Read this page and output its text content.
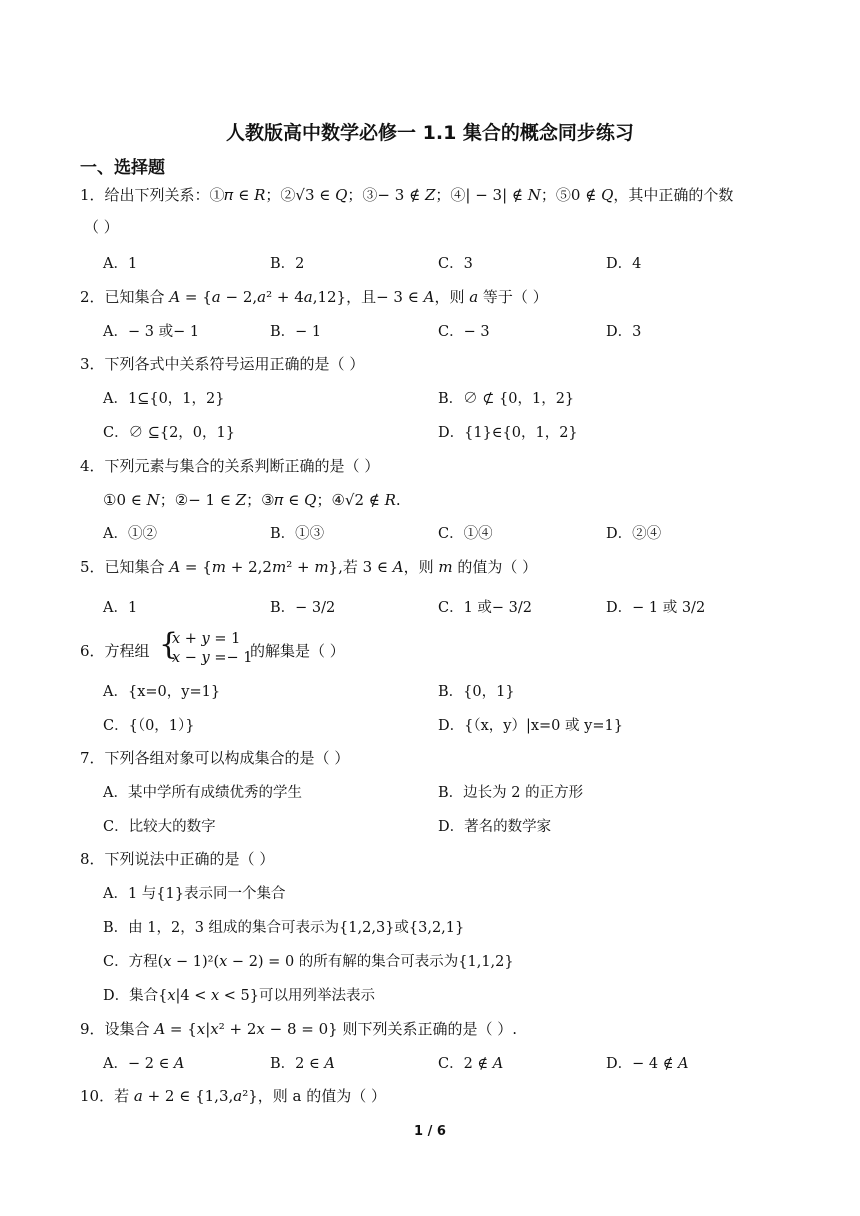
人教版高中数学必修一 1.1 集合的概念同步练习
一、选择题
1．给出下列关系：①𝜋 ∈ 𝑅；②√3 ∈ 𝑄；③− 3 ∉ 𝑍；④| − 3| ∉ 𝑁；⑤0 ∉ 𝑄，其中正确的个数
（ ）
A．1	B．2	C．3	D．4
2．已知集合 𝐴 = {𝑎 − 2,𝑎² + 4𝑎,12}，且− 3 ∈ 𝐴，则 𝑎 等于（ ）
A．− 3 或− 1	B．− 1	C．− 3	D．3
3．下列各式中关系符号运用正确的是（ ）
A．1⊆{0，1，2}	B．∅ ⊄ {0，1，2}
C．∅ ⊆{2，0，1}	D．{1}∈{0，1，2}
4．下列元素与集合的关系判断正确的是（ ）
①0 ∈ 𝑁；②− 1 ∈ 𝑍；③𝜋 ∈ 𝑄；④√2 ∉ 𝑅.
A．①②	B．①③	C．①④	D．②④
5．已知集合 𝐴 = {𝑚 + 2,2𝑚² + 𝑚},若 3 ∈ 𝐴，则 𝑚 的值为（ ）
A．1	B．− 3/2	C．1 或− 3/2	D．− 1 或 3/2
6．方程组 {
𝑥 + 𝑦 = 1
𝑥 − 𝑦 =− 1
的解集是（ ）
A．{x=0，y=1}	B．{0，1}
C．{（0，1）}	D．{（x，y）|x=0 或 y=1}
7．下列各组对象可以构成集合的是（ ）
A．某中学所有成绩优秀的学生	B．边长为 2 的正方形
C．比较大的数字	D．著名的数学家
8．下列说法中正确的是（ ）
A．1 与{1}表示同一个集合
B．由 1，2，3 组成的集合可表示为{1,2,3}或{3,2,1}
C．方程(𝑥 − 1)²(𝑥 − 2) = 0 的所有解的集合可表示为{1,1,2}
D．集合{𝑥|4 < 𝑥 < 5}可以用列举法表示
9．设集合 𝐴 = {𝑥|𝑥² + 2𝑥 − 8 = 0} 则下列关系正确的是（ ）.
A．− 2 ∈ 𝐴	B．2 ∈ 𝐴	C．2 ∉ 𝐴	D．− 4 ∉ 𝐴
10．若 𝑎 + 2 ∈ {1,3,𝑎²}，则 a 的值为（ ）
1 / 6
